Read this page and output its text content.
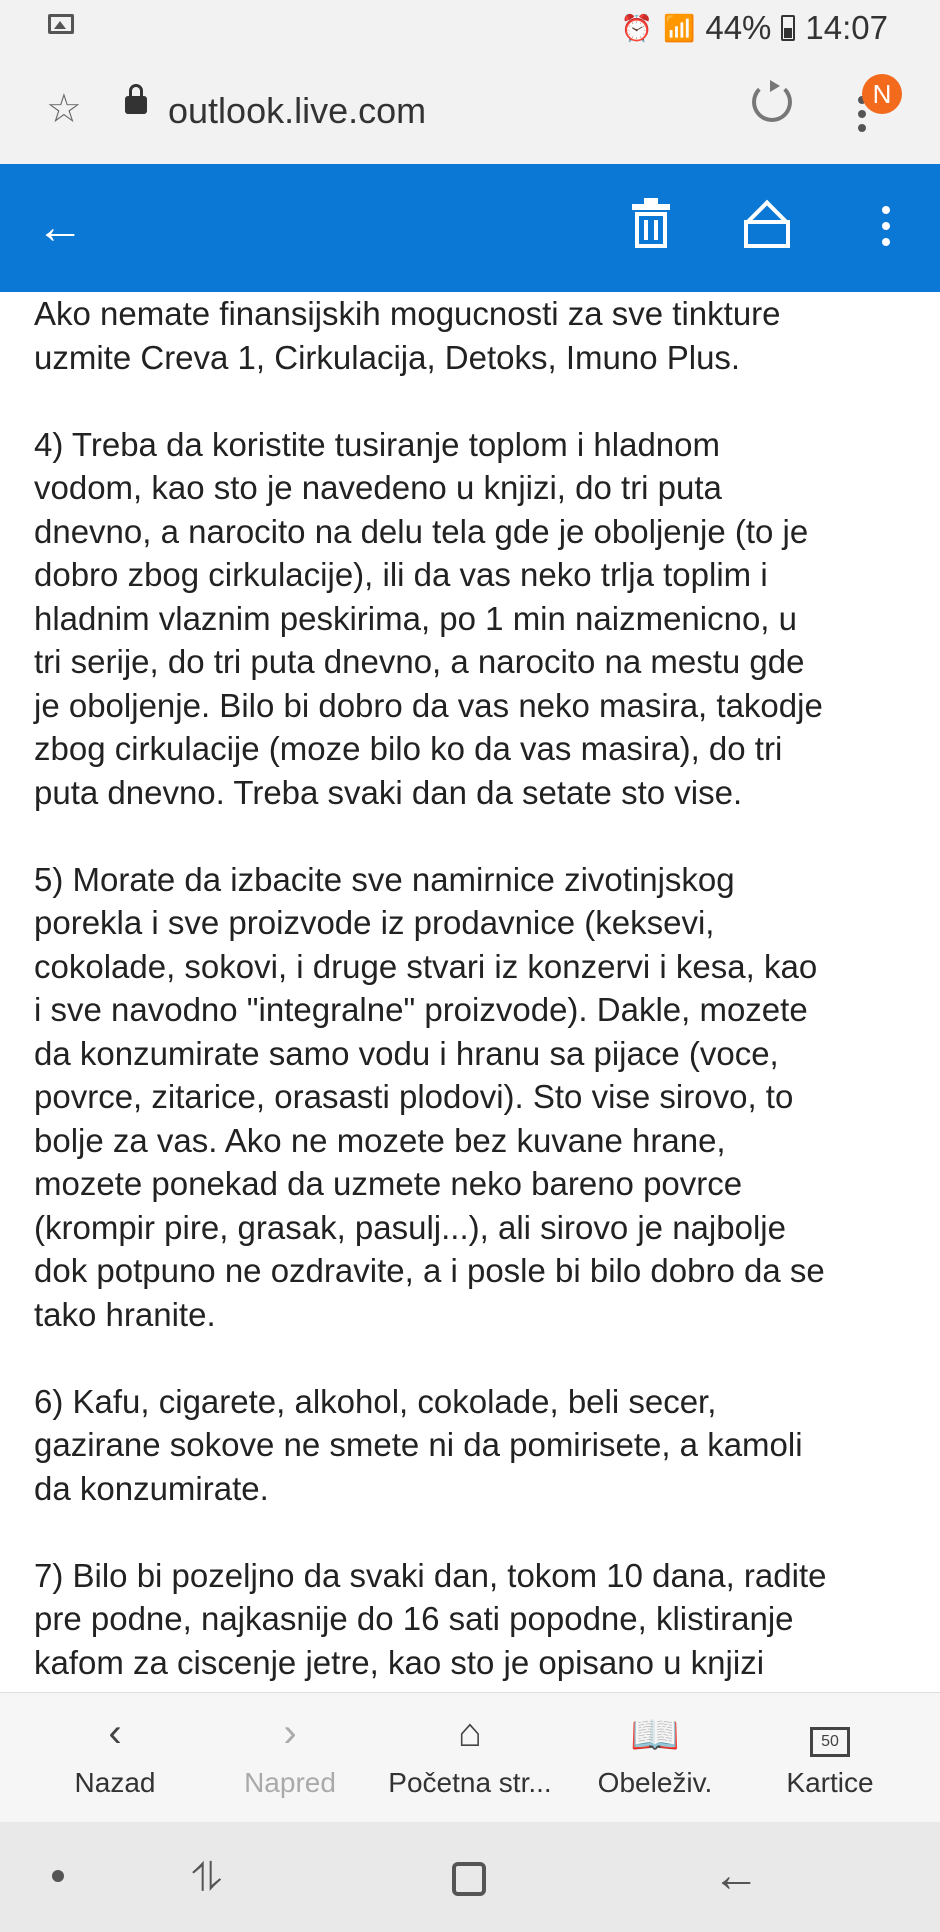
⏰ 📶 44% 14:07
☆ outlook.live.com	N
←

Ako nemate finansijskih mogucnosti za sve tinkture
uzmite Creva 1, Cirkulacija, Detoks, Imuno Plus.

4) Treba da koristite tusiranje toplom i hladnom
vodom, kao sto je navedeno u knjizi, do tri puta
dnevno, a narocito na delu tela gde je oboljenje (to je
dobro zbog cirkulacije), ili da vas neko trlja toplim i
hladnim vlaznim peskirima, po 1 min naizmenicno, u
tri serije, do tri puta dnevno, a narocito na mestu gde
je oboljenje. Bilo bi dobro da vas neko masira, takodje
zbog cirkulacije (moze bilo ko da vas masira), do tri
puta dnevno. Treba svaki dan da setate sto vise.

5) Morate da izbacite sve namirnice zivotinjskog
porekla i sve proizvode iz prodavnice (keksevi,
cokolade, sokovi, i druge stvari iz konzervi i kesa, kao
i sve navodno "integralne" proizvode). Dakle, mozete
da konzumirate samo vodu i hranu sa pijace (voce,
povrce, zitarice, orasasti plodovi). Sto vise sirovo, to
bolje za vas. Ako ne mozete bez kuvane hrane,
mozete ponekad da uzmete neko bareno povrce
(krompir pire, grasak, pasulj...), ali sirovo je najbolje
dok potpuno ne ozdravite, a i posle bi bilo dobro da se
tako hranite.

6) Kafu, cigarete, alkohol, cokolade, beli secer,
gazirane sokove ne smete ni da pomirisete, a kamoli
da konzumirate.

7) Bilo bi pozeljno da svaki dan, tokom 10 dana, radite
pre podne, najkasnije do 16 sati popodne, klistiranje
kafom za ciscenje jetre, kao sto je opisano u knjizi

‹
Nazad
›
Napred
⌂
Početna str...
📖
Obeleživ.
50
Kartice
⥮	←
